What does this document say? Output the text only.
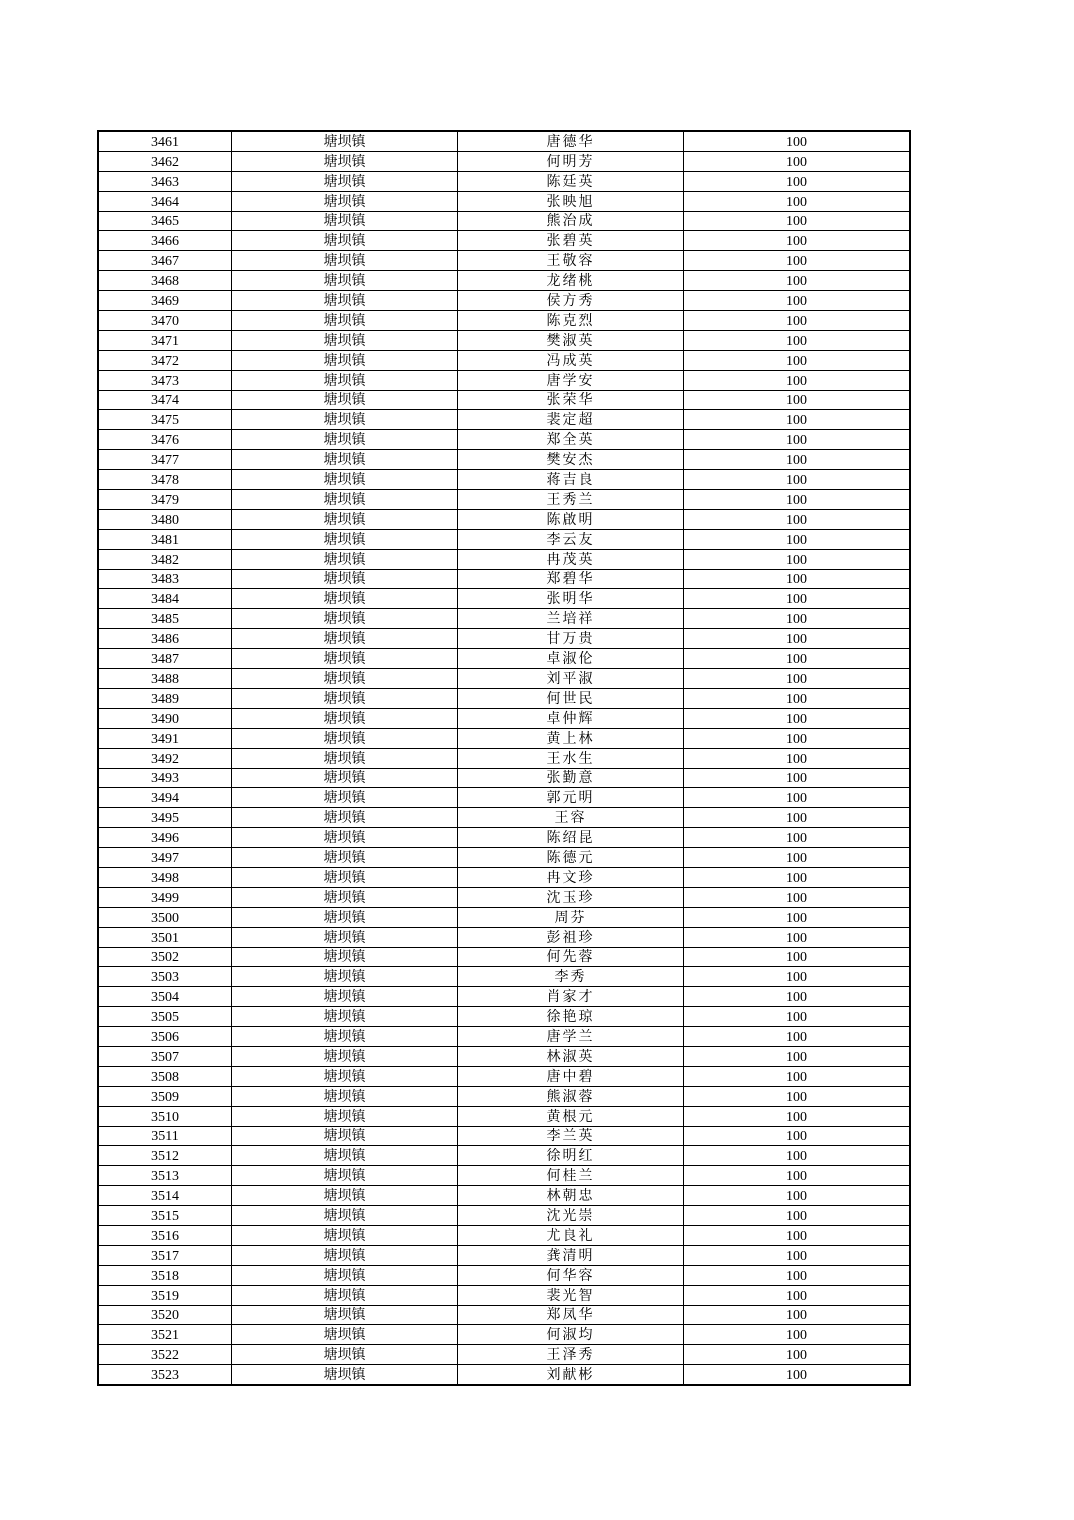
3461	塘坝镇	唐德华	100
3462	塘坝镇	何明芳	100
3463	塘坝镇	陈廷英	100
3464	塘坝镇	张映旭	100
3465	塘坝镇	熊治成	100
3466	塘坝镇	张碧英	100
3467	塘坝镇	王敬容	100
3468	塘坝镇	龙绪桃	100
3469	塘坝镇	侯方秀	100
3470	塘坝镇	陈克烈	100
3471	塘坝镇	樊淑英	100
3472	塘坝镇	冯成英	100
3473	塘坝镇	唐学安	100
3474	塘坝镇	张荣华	100
3475	塘坝镇	裴定超	100
3476	塘坝镇	郑全英	100
3477	塘坝镇	樊安杰	100
3478	塘坝镇	蒋吉良	100
3479	塘坝镇	王秀兰	100
3480	塘坝镇	陈啟明	100
3481	塘坝镇	李云友	100
3482	塘坝镇	冉茂英	100
3483	塘坝镇	郑碧华	100
3484	塘坝镇	张明华	100
3485	塘坝镇	兰培祥	100
3486	塘坝镇	甘万贵	100
3487	塘坝镇	卓淑伦	100
3488	塘坝镇	刘平淑	100
3489	塘坝镇	何世民	100
3490	塘坝镇	卓仲辉	100
3491	塘坝镇	黄上林	100
3492	塘坝镇	王水生	100
3493	塘坝镇	张勤意	100
3494	塘坝镇	郭元明	100
3495	塘坝镇	王容	100
3496	塘坝镇	陈绍昆	100
3497	塘坝镇	陈德元	100
3498	塘坝镇	冉文珍	100
3499	塘坝镇	沈玉珍	100
3500	塘坝镇	周芬	100
3501	塘坝镇	彭祖珍	100
3502	塘坝镇	何先蓉	100
3503	塘坝镇	李秀	100
3504	塘坝镇	肖家才	100
3505	塘坝镇	徐艳琼	100
3506	塘坝镇	唐学兰	100
3507	塘坝镇	林淑英	100
3508	塘坝镇	唐中碧	100
3509	塘坝镇	熊淑蓉	100
3510	塘坝镇	黄根元	100
3511	塘坝镇	李兰英	100
3512	塘坝镇	徐明红	100
3513	塘坝镇	何桂兰	100
3514	塘坝镇	林朝忠	100
3515	塘坝镇	沈光崇	100
3516	塘坝镇	尤良礼	100
3517	塘坝镇	龚清明	100
3518	塘坝镇	何华容	100
3519	塘坝镇	裴光智	100
3520	塘坝镇	郑凤华	100
3521	塘坝镇	何淑均	100
3522	塘坝镇	王泽秀	100
3523	塘坝镇	刘献彬	100
